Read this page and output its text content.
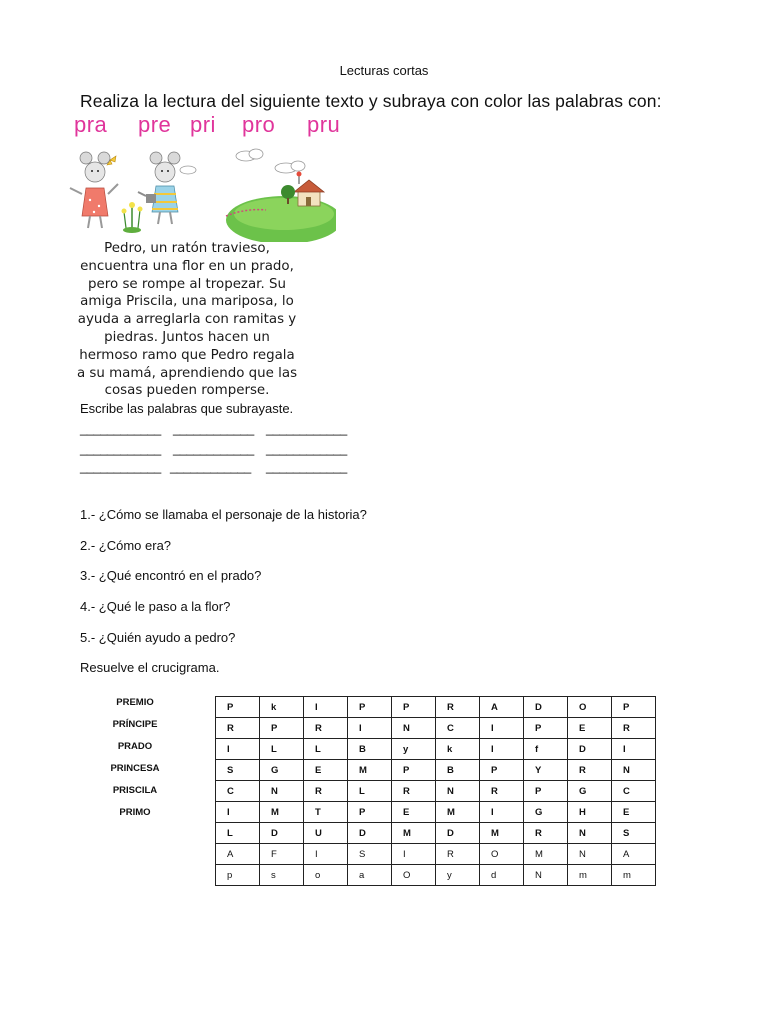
Lecturas cortas
Realiza la lectura del siguiente texto y subraya con color las palabras con:
pra pre pri pro pru
Pedro, un ratón travieso,
encuentra una flor en un prado,
pero se rompe al tropezar. Su
amiga Priscila, una mariposa, lo
ayuda a arreglarla con ramitas y
piedras. Juntos hacen un
hermoso ramo que Pedro regala
a su mamá, aprendiendo que las
cosas pueden romperse.
Escribe las palabras que subrayaste.
____________ ____________ ____________
____________ ____________ ____________
____________ ____________ ____________
1.- ¿Cómo se llamaba el personaje de la historia?
2.- ¿Cómo era?
3.- ¿Qué encontró en el prado?
4.- ¿Qué le paso a la flor?
5.- ¿Quién ayudo a pedro?
Resuelve el crucigrama.
PREMIO
PRÍNCIPE
PRADO
PRINCESA
PRISCILA
PRIMO
P	k	I	P	P	R	A	D	O	P
R	P	R	I	N	C	I	P	E	R
I	L	L	B	y	k	I	f	D	I
S	G	E	M	P	B	P	Y	R	N
C	N	R	L	R	N	R	P	G	C
I	M	T	P	E	M	I	G	H	E
L	D	U	D	M	D	M	R	N	S
A	F	I	S	I	R	O	M	N	A
p	s	o	a	O	y	d	N	m	m
